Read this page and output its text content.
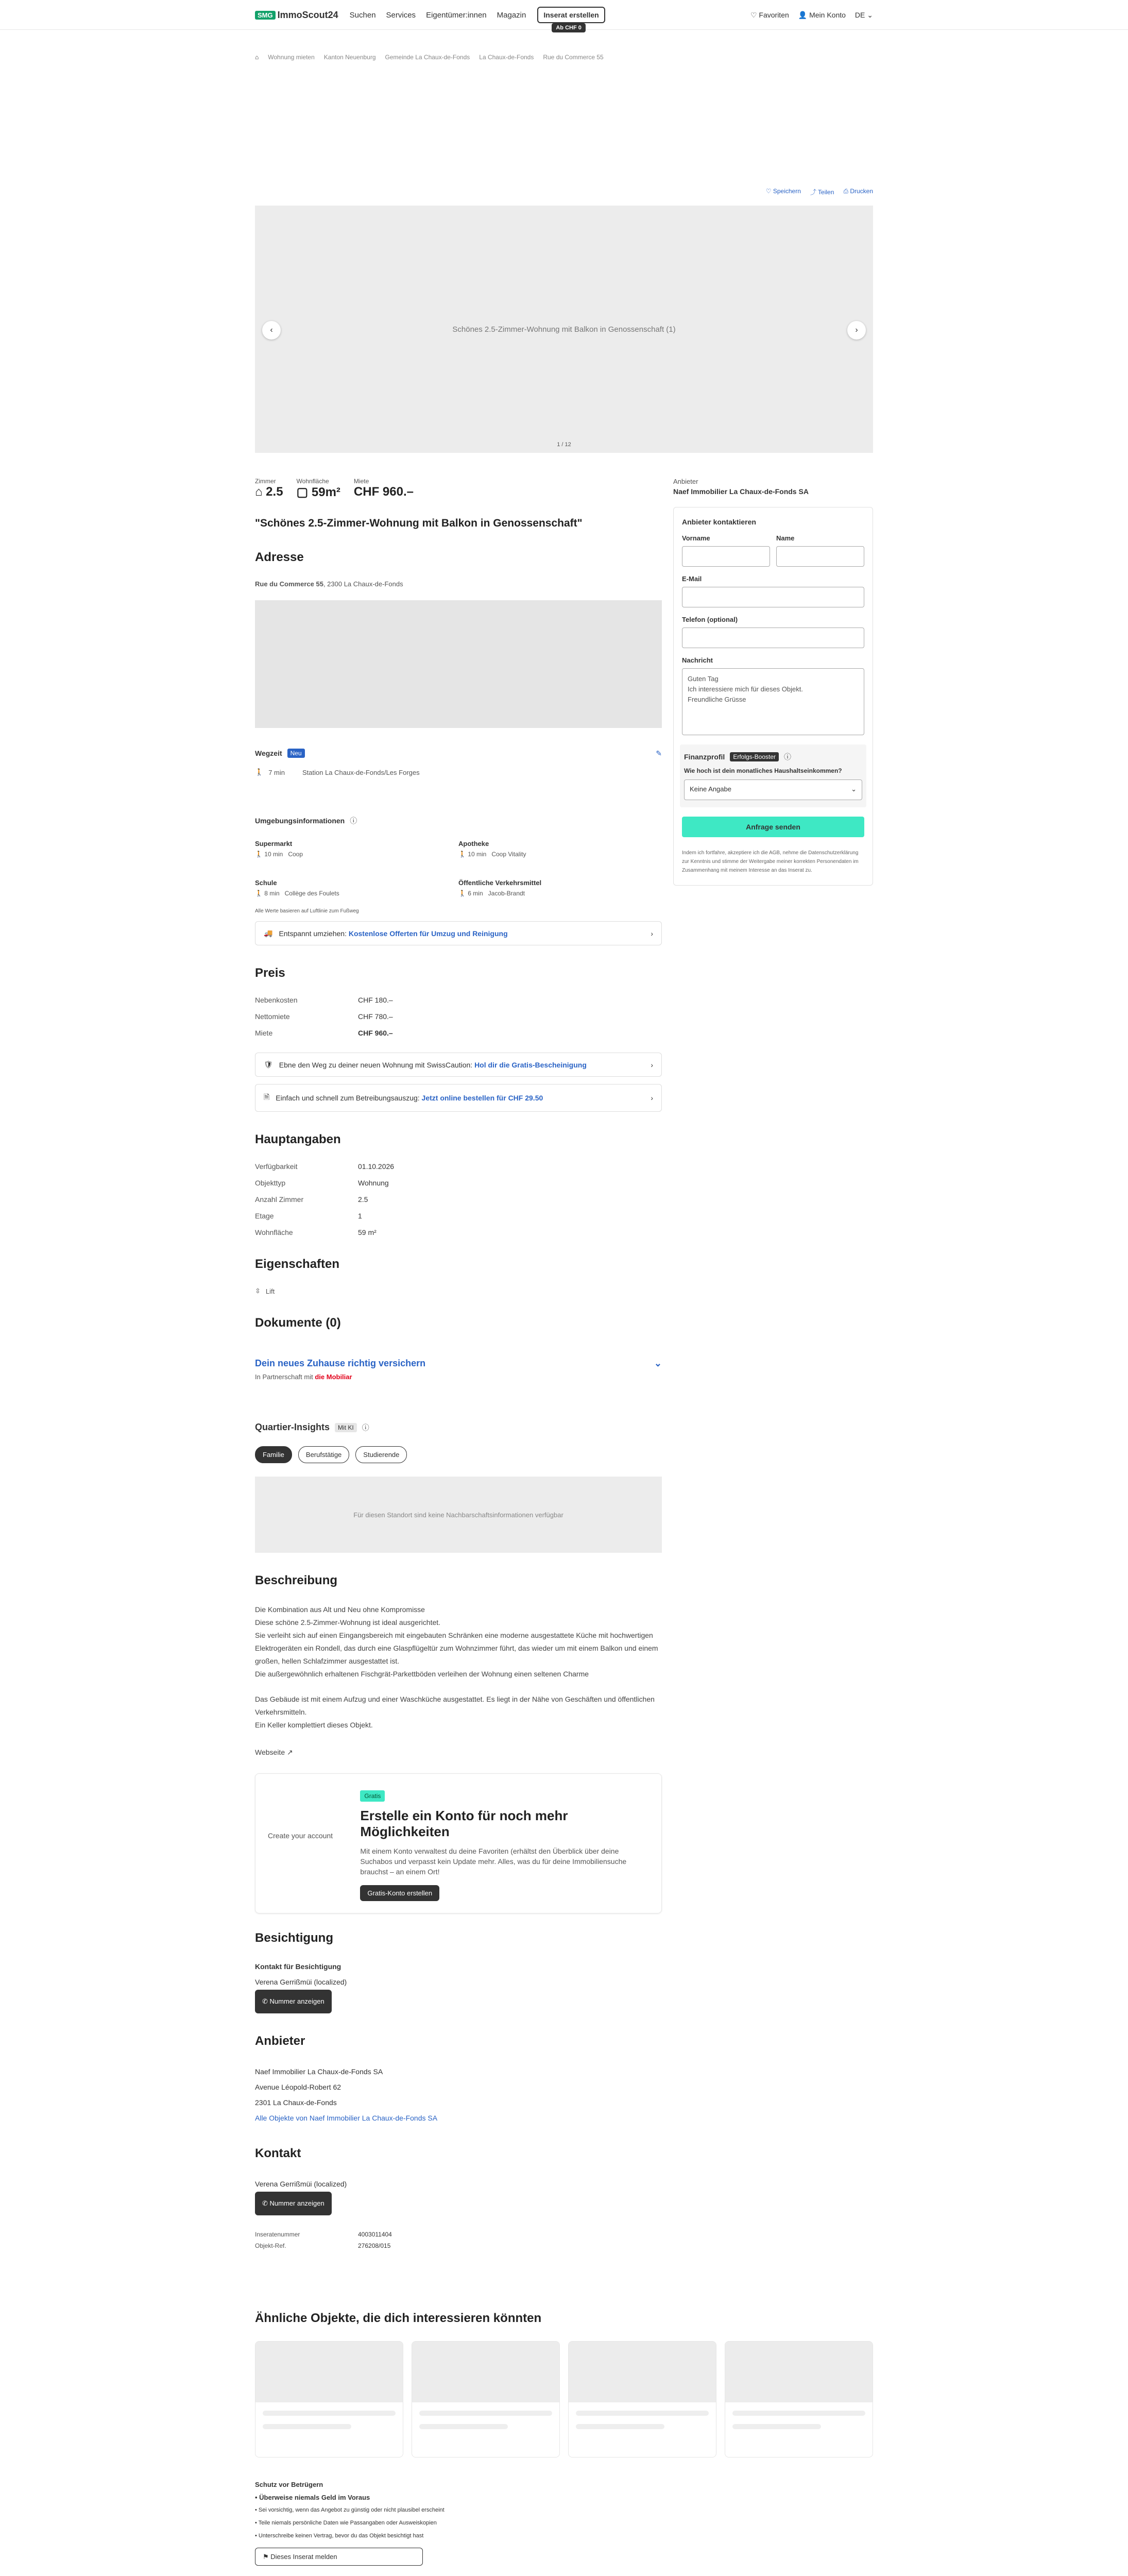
SMG ImmoScout24 Suchen Services Eigentümer:innen Magazin	Inserat erstellen
Ab CHF 0
♡ Favoriten 👤 Mein Konto DE ⌄
⌂ Wohnung mieten Kanton Neuenburg Gemeinde La Chaux-de-Fonds La Chaux-de-Fonds Rue du Commerce 55
♡ Speichern ⤴ Teilen ⎙ Drucken
Schönes 2.5-Zimmer-Wohnung mit Balkon in Genossenschaft (1)
‹	›
1 / 12
Zimmer
⌂ 2.5
Wohnfläche
▢ 59m²
Miete
CHF 960.–
"Schönes 2.5-Zimmer-Wohnung mit Balkon in Genossenschaft"
Adresse
Rue du Commerce 55, 2300 La Chaux-de-Fonds
Wegzeit	Neu	✎
🚶 7 min	Station La Chaux-de-Fonds/Les Forges
Umgebungsinformationen ⓘ
Supermarkt
🚶 10 min Coop
Apotheke
🚶 10 min Coop Vitality
Schule
🚶 8 min Collège des Foulets
Öffentliche Verkehrsmittel
🚶 6 min Jacob-Brandt
Alle Werte basieren auf Luftlinie zum Fußweg
🚚 Entspannt umziehen: Kostenlose Offerten für Umzug und Reinigung	›
Preis
Nebenkosten	CHF 180.–
Nettomiete	CHF 780.–
Miete	CHF 960.–
🛡 Ebne den Weg zu deiner neuen Wohnung mit SwissCaution: Hol dir die Gratis-Bescheinigung	›
🗎 Einfach und schnell zum Betreibungsauszug: Jetzt online bestellen für CHF 29.50	›
Hauptangaben
Verfügbarkeit	01.10.2026
Objekttyp	Wohnung
Anzahl Zimmer	2.5
Etage	1
Wohnfläche	59 m²
Eigenschaften
⇳ Lift
Dokumente (0)
Dein neues Zuhause richtig versichern	⌄
In Partnerschaft mit die Mobiliar
Quartier-Insights	Mit KI	ⓘ
Familie	Berufstätige	Studierende
Für diesen Standort sind keine Nachbarschaftsinformationen verfügbar
Beschreibung

Die Kombination aus Alt und Neu ohne Kompromisse

Diese schöne 2.5-Zimmer-Wohnung ist ideal ausgerichtet.

Sie verleiht sich auf einen Eingangsbereich mit eingebauten Schränken eine moderne ausgestattete Küche mit hochwertigen Elektrogeräten ein Rondell, das durch eine Glaspflügeltür zum Wohnzimmer führt, das wieder um mit einem Balkon und einem großen, hellen Schlafzimmer ausgestattet ist.

Die außergewöhnlich erhaltenen Fischgrät-Parkettböden verleihen der Wohnung einen seltenen Charme

Das Gebäude ist mit einem Aufzug und einer Waschküche ausgestattet. Es liegt in der Nähe von Geschäften und öffentlichen Verkehrsmitteln.

Ein Keller komplettiert dieses Objekt.

Webseite ↗

Create your account
Gratis
Erstelle ein Konto für noch mehr Möglichkeiten

Mit einem Konto verwaltest du deine Favoriten (erhältst den Überblick über deine Suchabos und verpasst kein Update mehr. Alles, was du für deine Immobiliensuche brauchst – an einem Ort!

Gratis-Konto erstellen
Besichtigung
Kontakt für Besichtigung
Verena Gerrißmüi (localized)
✆ Nummer anzeigen
Anbieter
Naef Immobilier La Chaux-de-Fonds SA
Avenue Léopold-Robert 62
2301 La Chaux-de-Fonds
Alle Objekte von Naef Immobilier La Chaux-de-Fonds SA
Kontakt
Verena Gerrißmüi (localized)
✆ Nummer anzeigen
Inseratenummer	4003011404
Objekt-Ref.	276208/015
Anbieter
Naef Immobilier La Chaux-de-Fonds SA
Anbieter kontaktieren
Vorname	Name
E-Mail
Telefon (optional)
Nachricht
Guten Tag
Ich interessiere mich für dieses Objekt.
Freundliche Grüsse
Finanzprofil	Erfolgs-Booster	ⓘ
Wie hoch ist dein monatliches Haushaltseinkommen?
Keine Angabe	⌄
Anfrage senden

Indem ich fortfahre, akzeptiere ich die AGB, nehme die Datenschutzerklärung zur Kenntnis und stimme der Weitergabe meiner korrekten Personendaten im Zusammenhang mit meinem Interesse an das Inserat zu.

Ähnliche Objekte, die dich interessieren könnten
Schutz vor Betrügern
• Überweise niemals Geld im Voraus
• Sei vorsichtig, wenn das Angebot zu günstig oder nicht plausibel erscheint
• Teile niemals persönliche Daten wie Passangaben oder Ausweiskopien
• Unterschreibe keinen Vertrag, bevor du das Objekt besichtigt hast
⚑ Dieses Inserat melden
